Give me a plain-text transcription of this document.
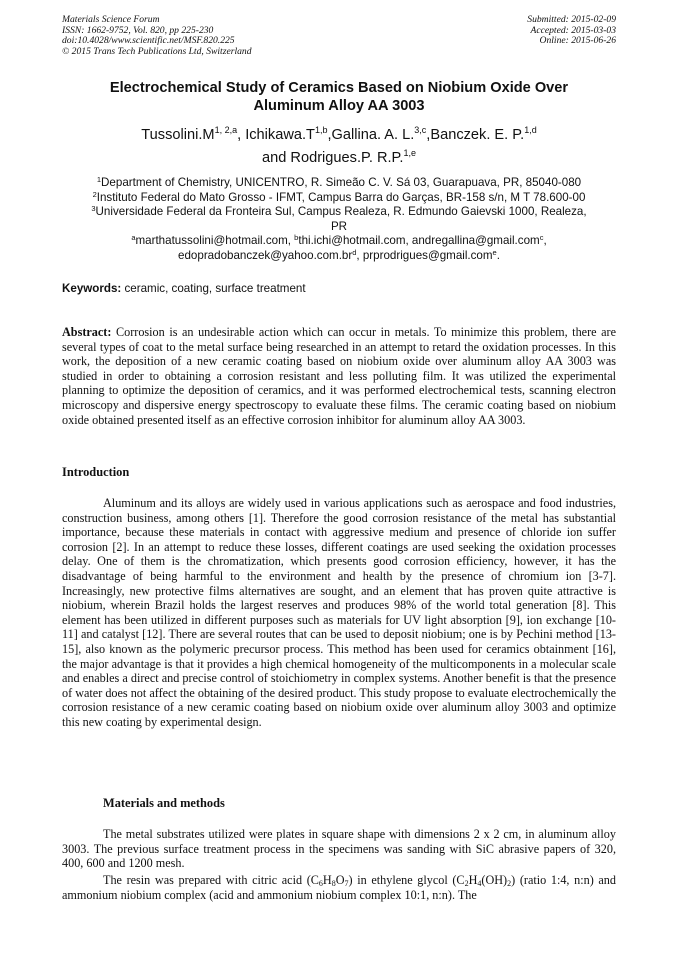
Materials Science Forum
ISSN: 1662-9752, Vol. 820, pp 225-230
doi:10.4028/www.scientific.net/MSF.820.225
© 2015 Trans Tech Publications Ltd, Switzerland
Submitted: 2015-02-09
Accepted: 2015-03-03
Online: 2015-06-26
Electrochemical Study of Ceramics Based on Niobium Oxide Over
Aluminum Alloy AA 3003
$Tussolini.M^{1, 2,a}$, $Ichikawa.T^{1,b},Gallina$. A. L.$^{3,c}$,Banczek. E. P.$^{1,d}$
and Rodrigues.P. R.P.$^{1,e}$
$^1$Department of Chemistry, UNICENTRO, R. Simeão C. V. Sá 03, Guarapuava, PR, 85040-080
$^2$Instituto Federal do Mato Grosso - IFMT, Campus Barra do Garças, BR-158 s/n, M T 78.600-00
$^3$Universidade Federal da Fronteira Sul, Campus Realeza, R. Edmundo Gaievski 1000, Realeza,
PR
$^a$marthatussolini@hotmail.com, $^b$thi.ichi@hotmail.com, andregallina@gmail.com$^c$,
$edopradobanczek@yahoo.com.br^d$, prprodrigues@gmail.com$^e$.
Keywords: ceramic, coating, surface treatment
Abstract: Corrosion is an undesirable action which can occur in metals. To minimize this problem, there are several types of coat to the metal surface being researched in an attempt to retard the oxidation processes. In this work, the deposition of a new ceramic coating based on niobium oxide over aluminum alloy AA 3003 was studied in order to obtaining a corrosion resistant and less polluting film. It was utilized the experimental planning to optimize the deposition of ceramics, and it was performed electrochemical tests, scanning electron microscopy and dispersive energy spectroscopy to evaluate these films. The ceramic coating based on niobium oxide obtained presented itself as an effective corrosion inhibitor for aluminum alloy AA 3003.
Introduction
Aluminum and its alloys are widely used in various applications such as aerospace and food industries, construction business, among others [1]. Therefore the good corrosion resistance of the metal has substantial importance, because these materials in contact with aggressive medium and presence of chloride ion suffer corrosion [2]. In an attempt to reduce these losses, different coatings are used seeking the oxidation processes delay. One of them is the chromatization, which presents good corrosion efficiency, however, it has the disadvantage of being harmful to the environment and health by the presence of chromium ion [3-7]. Increasingly, new protective films alternatives are sought, and an element that has proven quite attractive is niobium, wherein Brazil holds the largest reserves and produces 98% of the world total generation [8]. This element has been utilized in different purposes such as materials for UV light absorption [9], ion exchange [10-11] and catalyst [12]. There are several routes that can be used to deposit niobium; one is by Pechini method [13-15], also known as the polymeric precursor process. This method has been used for ceramics obtainment [16], the major advantage is that it provides a high chemical homogeneity of the multicomponents in a molecular scale and enables a direct and precise control of stoichiometry in complex systems. Another benefit is that the presence of water does not affect the obtaining of the desired product. This study propose to evaluate electrochemically the corrosion resistance of a new ceramic coating based on niobium oxide over aluminum alloy 3003 and optimize this new coating by experimental design.
Materials and methods
The metal substrates utilized were plates in square shape with dimensions 2 x 2 cm, in aluminum alloy 3003. The previous surface treatment process in the specimens was sanding with SiC abrasive papers of 320, 400, 600 and 1200 mesh.
The resin was prepared with citric acid $(C_6H_8O_7)$ in ethylene glycol $(C_2H_4(OH)_2)$ (ratio 1:4, n:n) and ammonium niobium complex (acid and ammonium niobium complex 10:1, n:n). The
